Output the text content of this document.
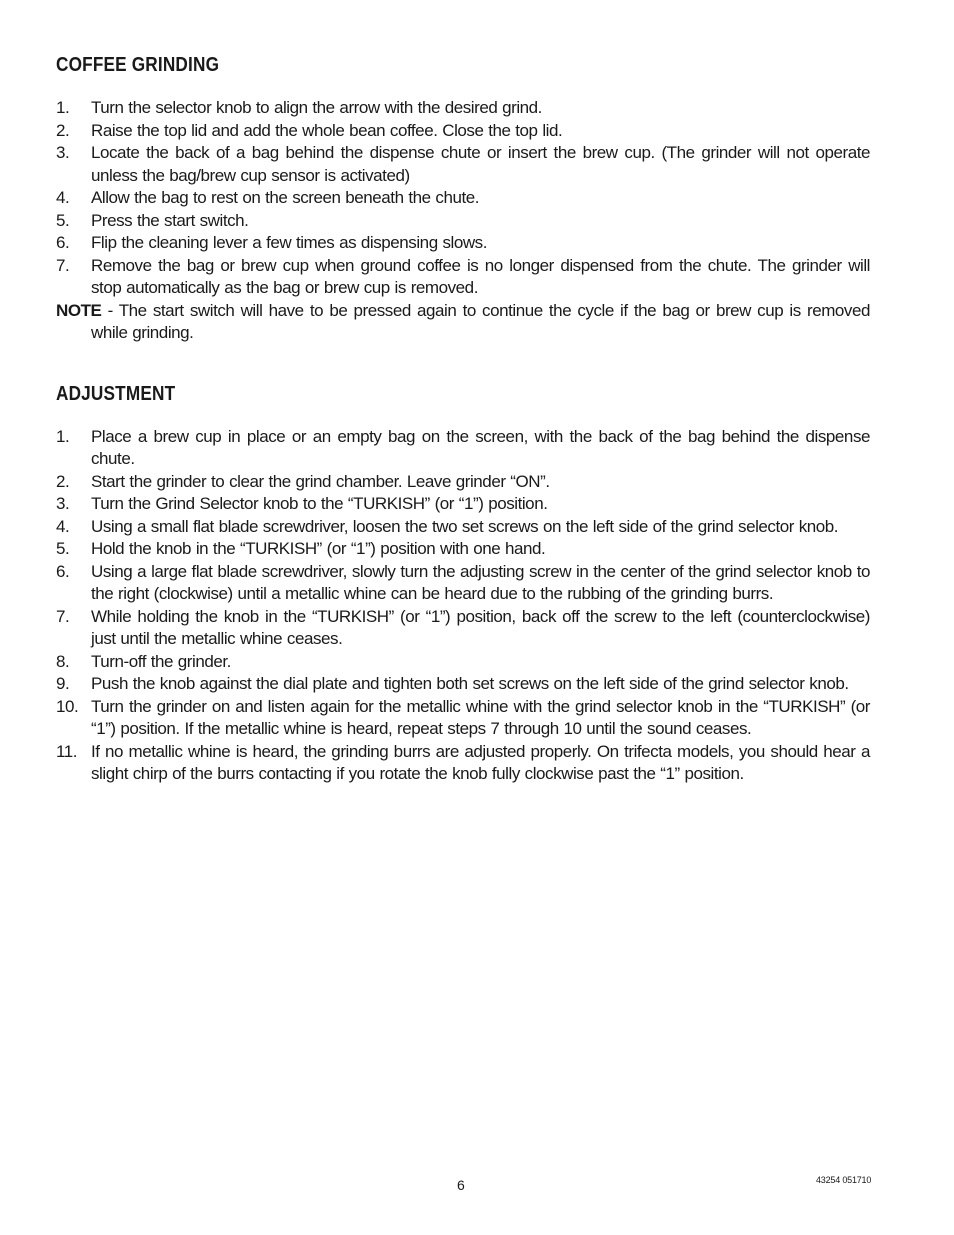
COFFEE GRINDING
1. Turn the selector knob to align the arrow with the desired grind.
2. Raise the top lid and add the whole bean coffee. Close the top lid.
3. Locate the back of a bag behind the dispense chute or insert the brew cup. (The grinder will not operate unless the bag/brew cup sensor is activated)
4. Allow the bag to rest on the screen beneath the chute.
5. Press the start switch.
6. Flip the cleaning lever a few times as dispensing slows.
7. Remove the bag or brew cup when ground coffee is no longer dispensed from the chute. The grinder will stop automatically as the bag or brew cup is removed.

NOTE - The start switch will have to be pressed again to continue the cycle if the bag or brew cup is removed while grinding.

ADJUSTMENT
1. Place a brew cup in place or an empty bag on the screen, with the back of the bag behind the dispense chute.
2. Start the grinder to clear the grind chamber. Leave grinder “ON”.
3. Turn the Grind Selector knob to the “TURKISH” (or “1”) position.
4. Using a small flat blade screwdriver, loosen the two set screws on the left side of the grind selector knob.
5. Hold the knob in the “TURKISH” (or “1”) position with one hand.
6. Using a large flat blade screwdriver, slowly turn the adjusting screw in the center of the grind selector knob to the right (clockwise) until a metallic whine can be heard due to the rubbing of the grinding burrs.
7. While holding the knob in the “TURKISH” (or “1”) position, back off the screw to the left (counterclockwise) just until the metallic whine ceases.
8. Turn-off the grinder.
9. Push the knob against the dial plate and tighten both set screws on the left side of the grind selector knob.
10. Turn the grinder on and listen again for the metallic whine with the grind selector knob in the “TURKISH” (or “1”) position. If the metallic whine is heard, repeat steps 7 through 10 until the sound ceases.
11. If no metallic whine is heard, the grinding burrs are adjusted properly. On trifecta models, you should hear a slight chirp of the burrs contacting if you rotate the knob fully clockwise past the “1” position.
6	43254 051710
